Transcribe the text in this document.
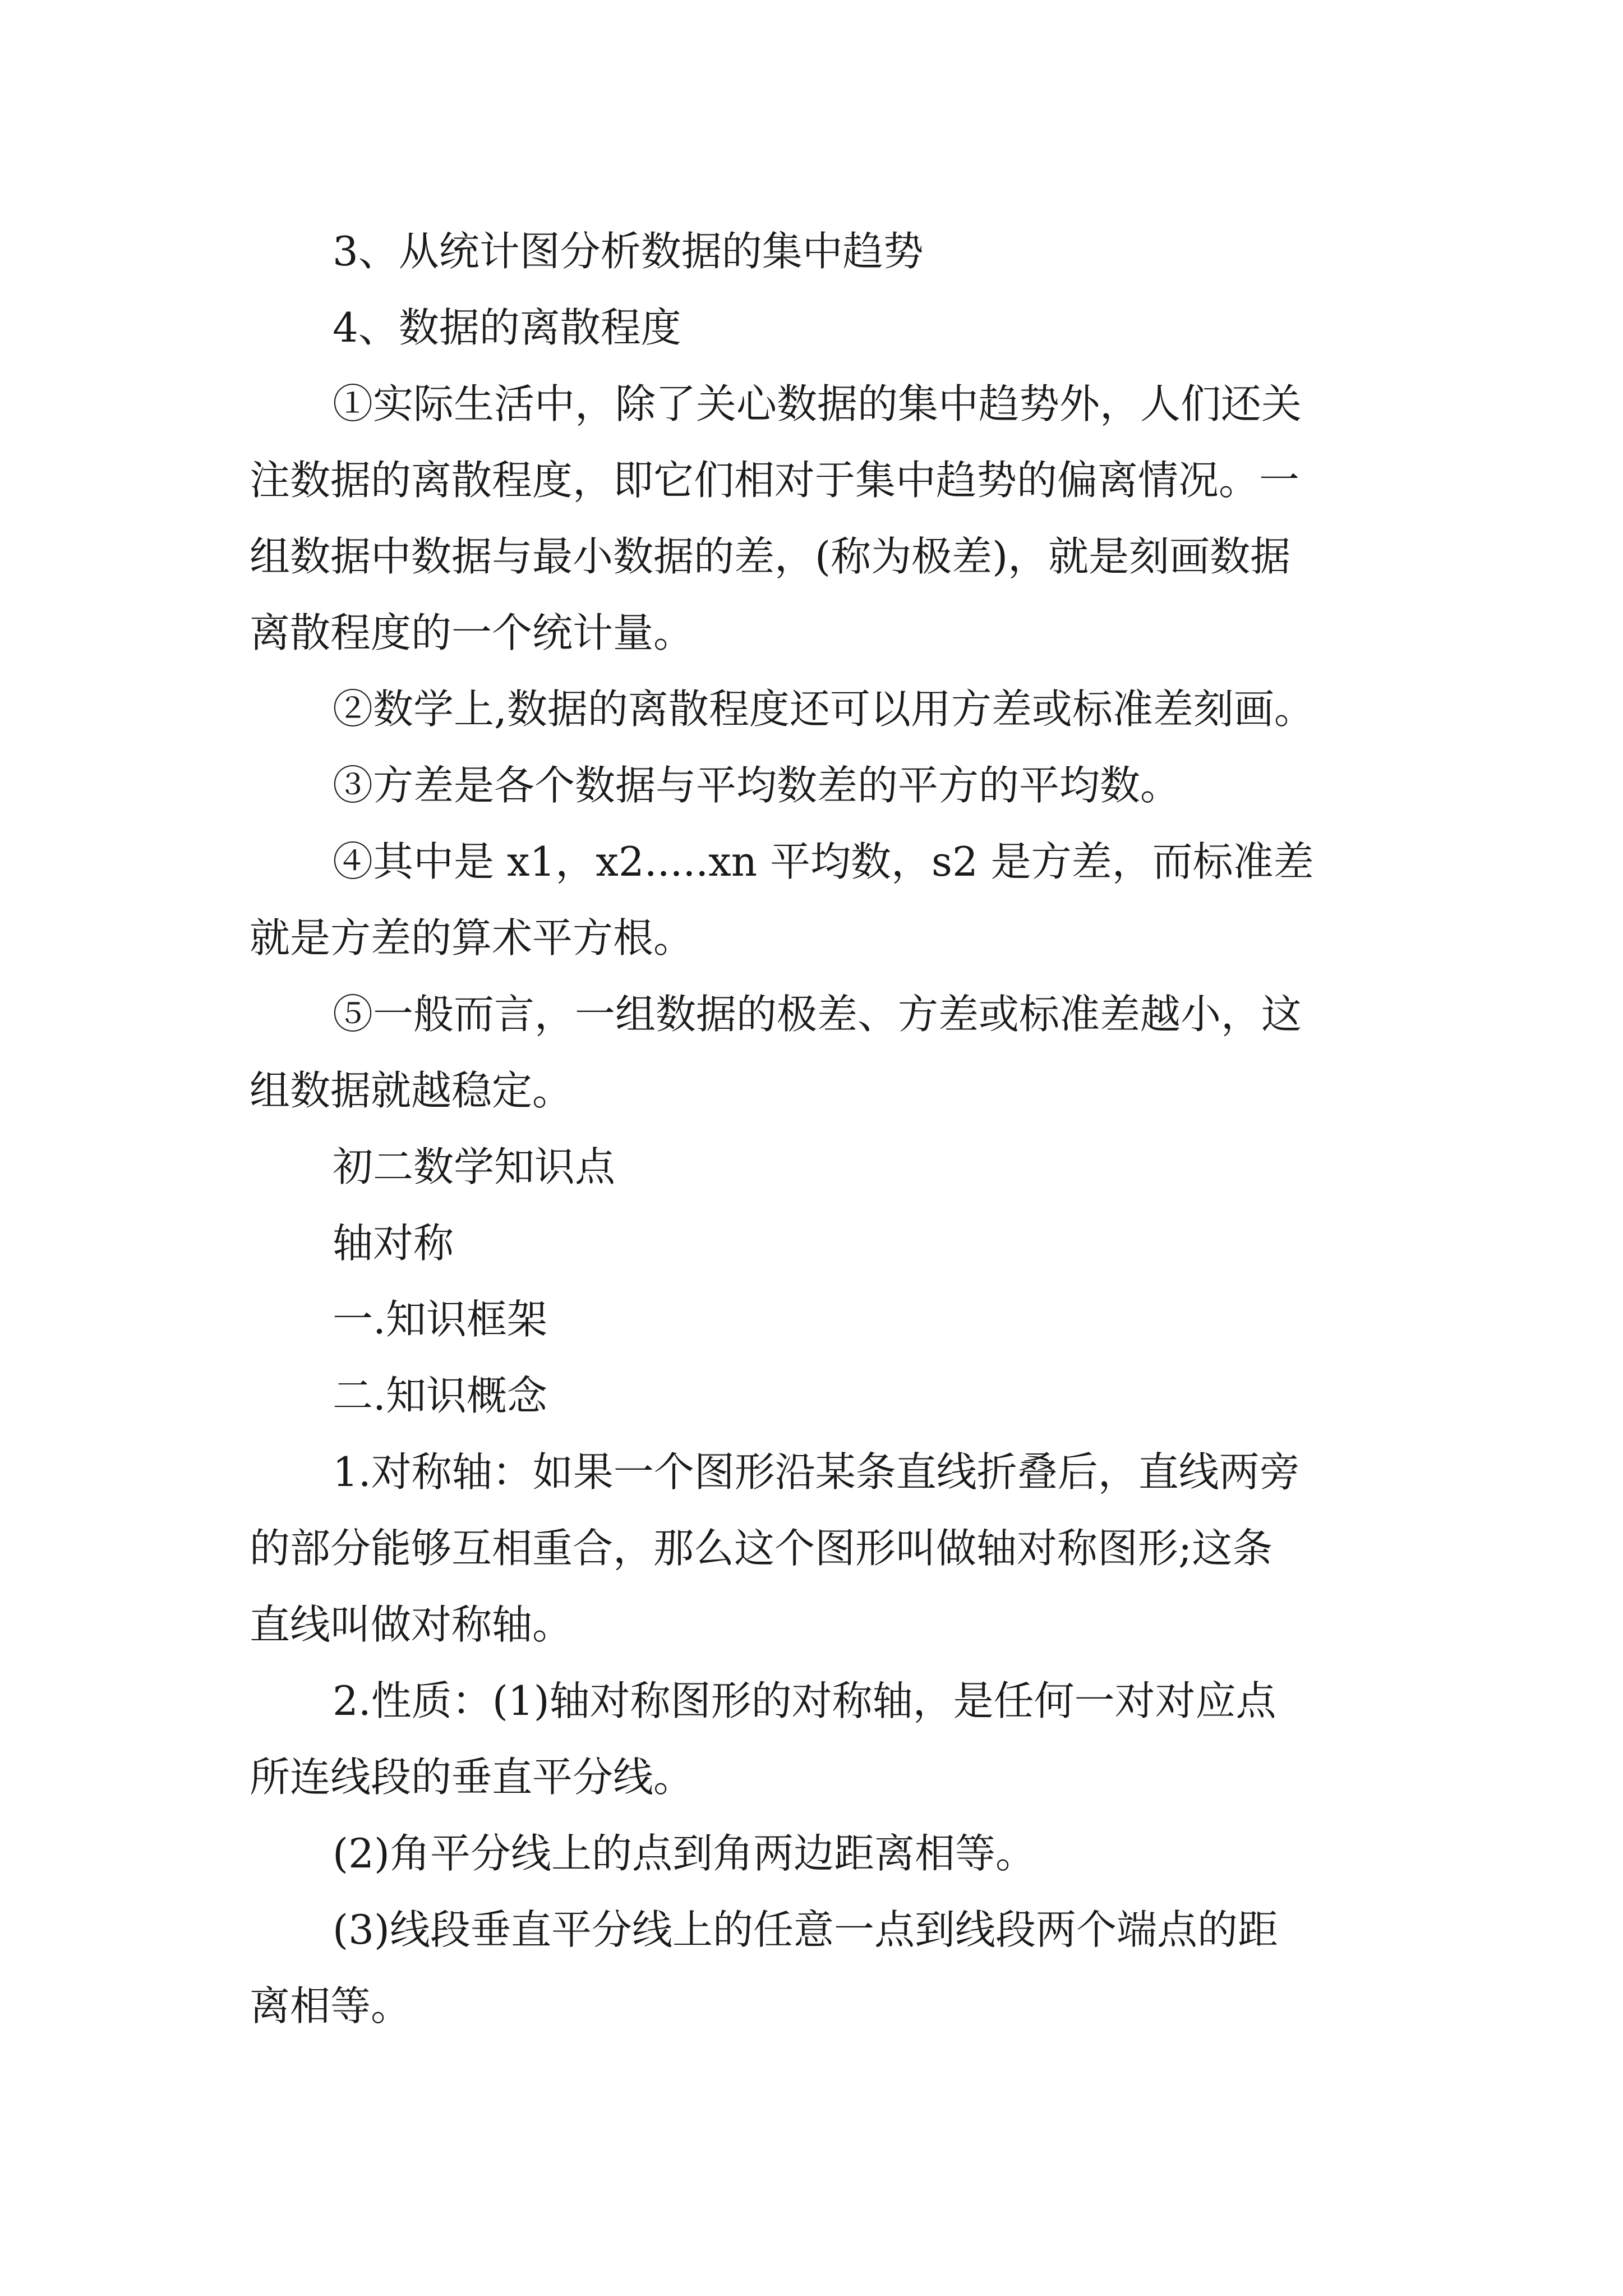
3、从统计图分析数据的集中趋势
4、数据的离散程度
①实际生活中，除了关心数据的集中趋势外，人们还关
注数据的离散程度，即它们相对于集中趋势的偏离情况。一
组数据中数据与最小数据的差，(称为极差)，就是刻画数据
离散程度的一个统计量。
②数学上,数据的离散程度还可以用方差或标准差刻画。
③方差是各个数据与平均数差的平方的平均数。
④其中是 x1，x2.....xn 平均数，s2 是方差，而标准差
就是方差的算术平方根。
⑤一般而言，一组数据的极差、方差或标准差越小，这
组数据就越稳定。
初二数学知识点
轴对称
一.知识框架
二.知识概念
1.对称轴：如果一个图形沿某条直线折叠后，直线两旁
的部分能够互相重合，那么这个图形叫做轴对称图形;这条
直线叫做对称轴。
2.性质：(1)轴对称图形的对称轴，是任何一对对应点
所连线段的垂直平分线。
(2)角平分线上的点到角两边距离相等。
(3)线段垂直平分线上的任意一点到线段两个端点的距
离相等。
